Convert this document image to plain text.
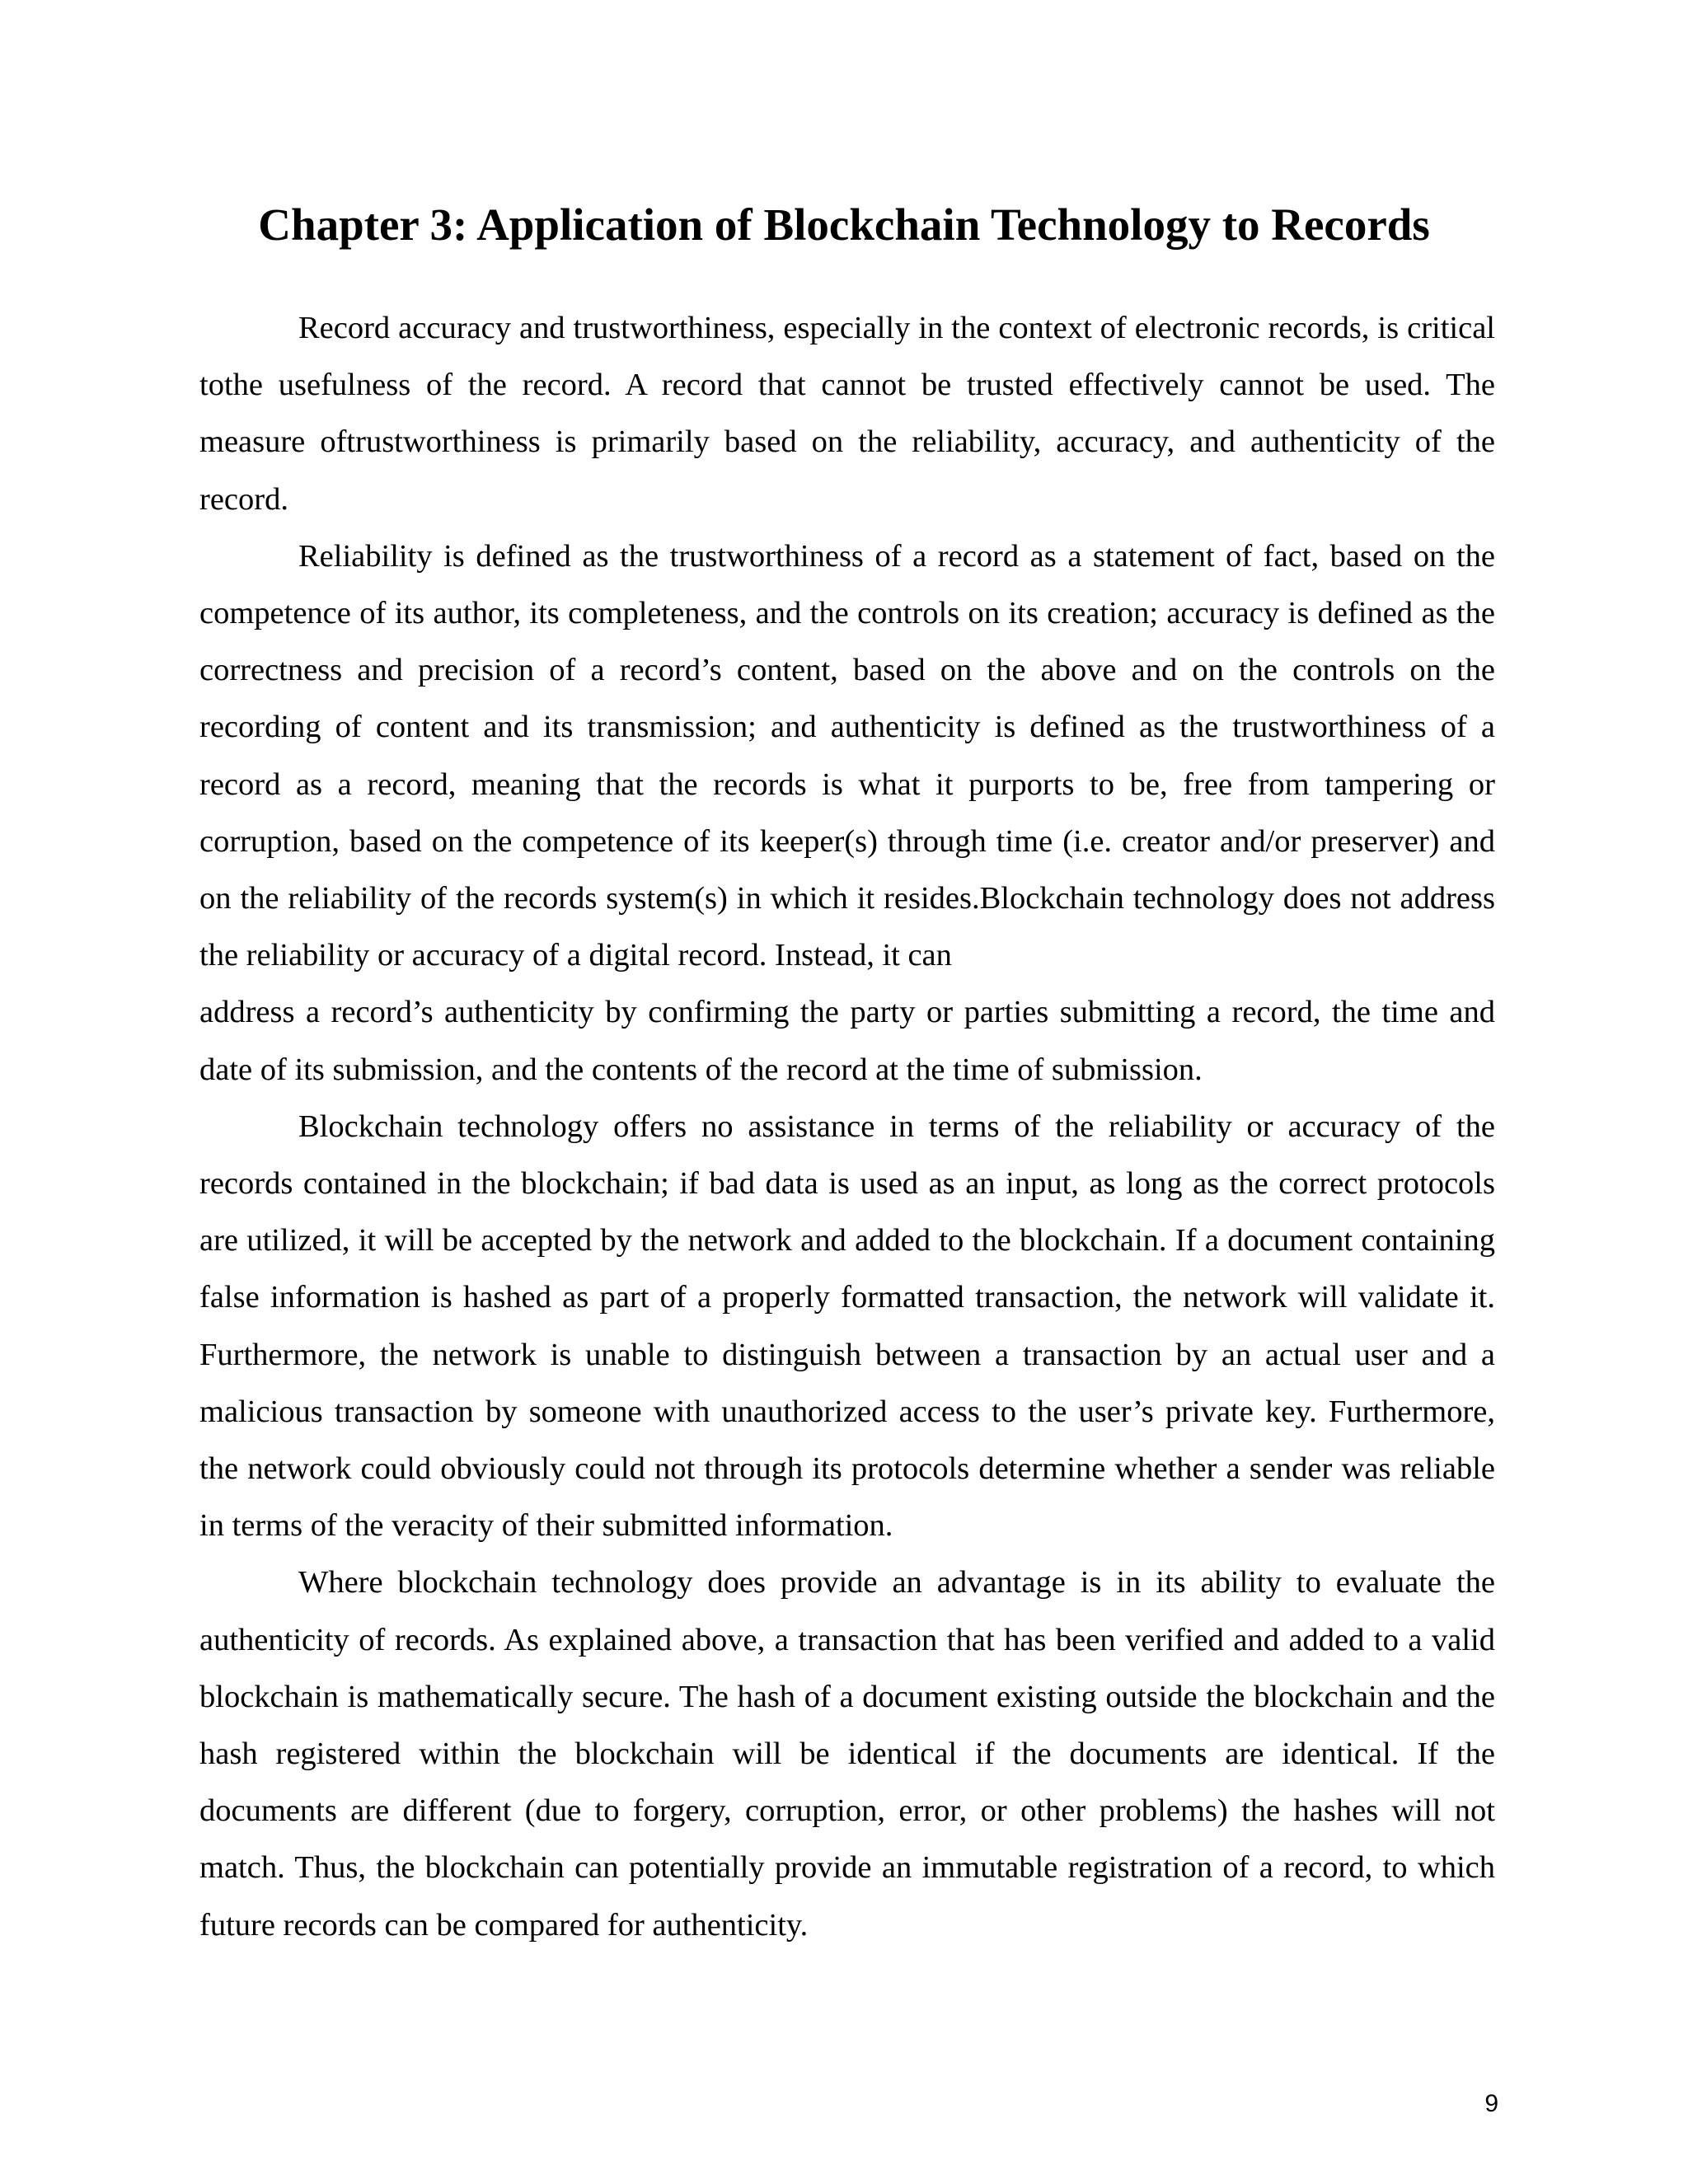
Chapter 3: Application of Blockchain Technology to Records

Record accuracy and trustworthiness, especially in the context of electronic records, is critical tothe usefulness of the record. A record that cannot be trusted effectively cannot be used. The measure oftrustworthiness is primarily based on the reliability, accuracy, and authenticity of the record.

Reliability is defined as the trustworthiness of a record as a statement of fact, based on the competence of its author, its completeness, and the controls on its creation; accuracy is defined as the correctness and precision of a record’s content, based on the above and on the controls on the recording of content and its transmission; and authenticity is defined as the trustworthiness of a record as a record, meaning that the records is what it purports to be, free from tampering or corruption, based on the competence of its keeper(s) through time (i.e. creator and/or preserver) and on the reliability of the records system(s) in which it resides.Blockchain technology does not address the reliability or accuracy of a digital record. Instead, it can

address a record’s authenticity by confirming the party or parties submitting a record, the time and date of its submission, and the contents of the record at the time of submission.

Blockchain technology offers no assistance in terms of the reliability or accuracy of the records contained in the blockchain; if bad data is used as an input, as long as the correct protocols are utilized, it will be accepted by the network and added to the blockchain. If a document containing false information is hashed as part of a properly formatted transaction, the network will validate it. Furthermore, the network is unable to distinguish between a transaction by an actual user and a malicious transaction by someone with unauthorized access to the user’s private key. Furthermore, the network could obviously could not through its protocols determine whether a sender was reliable in terms of the veracity of their submitted information.

Where blockchain technology does provide an advantage is in its ability to evaluate the authenticity of records. As explained above, a transaction that has been verified and added to a valid blockchain is mathematically secure. The hash of a document existing outside the blockchain and the hash registered within the blockchain will be identical if the documents are identical. If the documents are different (due to forgery, corruption, error, or other problems) the hashes will not match. Thus, the blockchain can potentially provide an immutable registration of a record, to which future records can be compared for authenticity.

9
